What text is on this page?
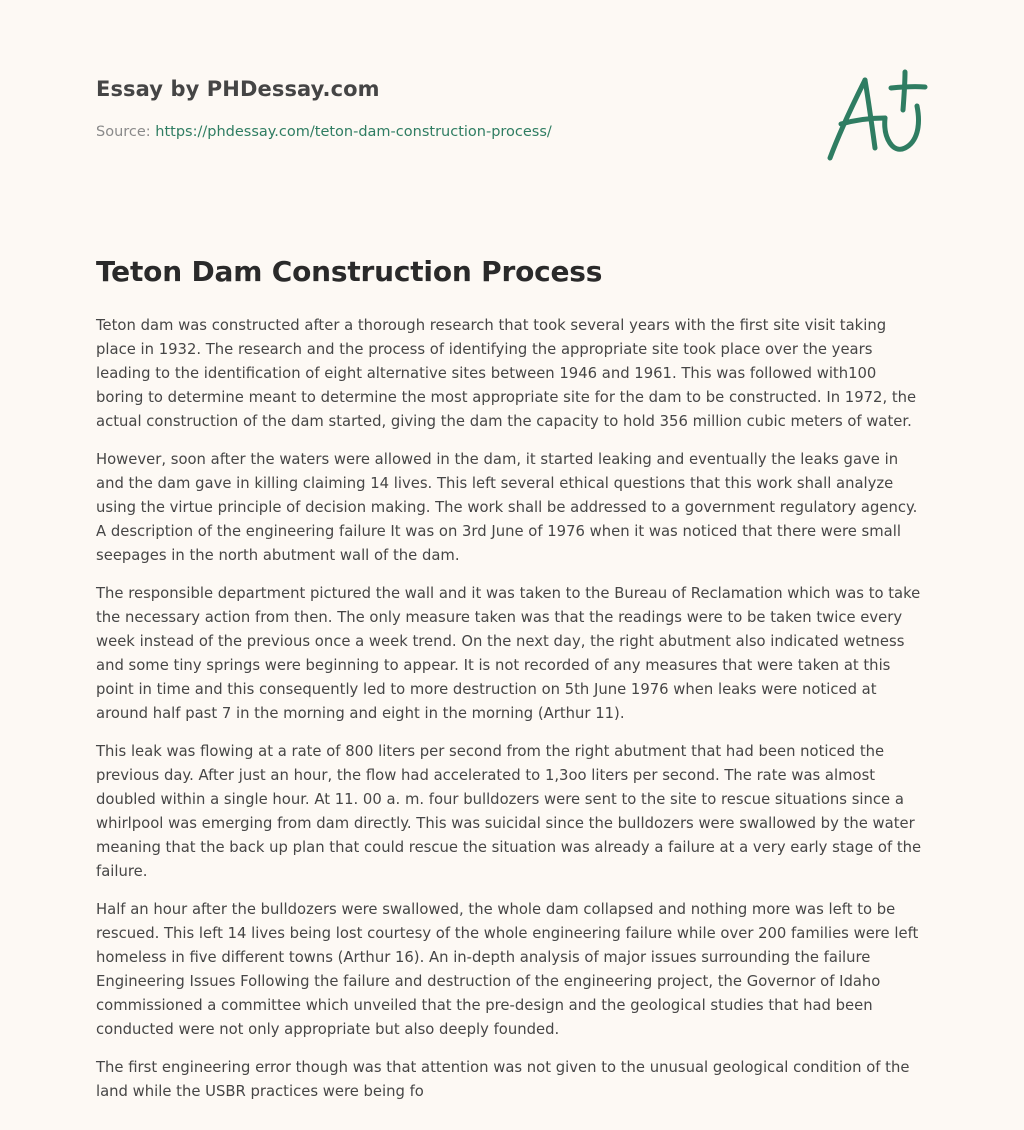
Essay by PHDessay.com
Source: https://phdessay.com/teton-dam-construction-process/
Teton Dam Construction Process

Teton dam was constructed after a thorough research that took several years with the first site visit taking place in 1932. The research and the process of identifying the appropriate site took place over the years leading to the identification of eight alternative sites between 1946 and 1961. This was followed with100 boring to determine meant to determine the most appropriate site for the dam to be constructed. In 1972, the actual construction of the dam started, giving the dam the capacity to hold 356 million cubic meters of water.

However, soon after the waters were allowed in the dam, it started leaking and eventually the leaks gave in and the dam gave in killing claiming 14 lives. This left several ethical questions that this work shall analyze using the virtue principle of decision making. The work shall be addressed to a government regulatory agency. A description of the engineering failure It was on 3rd June of 1976 when it was noticed that there were small seepages in the north abutment wall of the dam.

The responsible department pictured the wall and it was taken to the Bureau of Reclamation which was to take the necessary action from then. The only measure taken was that the readings were to be taken twice every week instead of the previous once a week trend. On the next day, the right abutment also indicated wetness and some tiny springs were beginning to appear. It is not recorded of any measures that were taken at this point in time and this consequently led to more destruction on 5th June 1976 when leaks were noticed at around half past 7 in the morning and eight in the morning (Arthur 11).

This leak was flowing at a rate of 800 liters per second from the right abutment that had been noticed the previous day. After just an hour, the flow had accelerated to 1,3oo liters per second. The rate was almost doubled within a single hour. At 11. 00 a. m. four bulldozers were sent to the site to rescue situations since a whirlpool was emerging from dam directly. This was suicidal since the bulldozers were swallowed by the water meaning that the back up plan that could rescue the situation was already a failure at a very early stage of the failure.

Half an hour after the bulldozers were swallowed, the whole dam collapsed and nothing more was left to be rescued. This left 14 lives being lost courtesy of the whole engineering failure while over 200 families were left homeless in five different towns (Arthur 16). An in-depth analysis of major issues surrounding the failure Engineering Issues Following the failure and destruction of the engineering project, the Governor of Idaho commissioned a committee which unveiled that the pre-design and the geological studies that had been conducted were not only appropriate but also deeply founded.

The first engineering error though was that attention was not given to the unusual geological condition of the land while the USBR practices were being fo
